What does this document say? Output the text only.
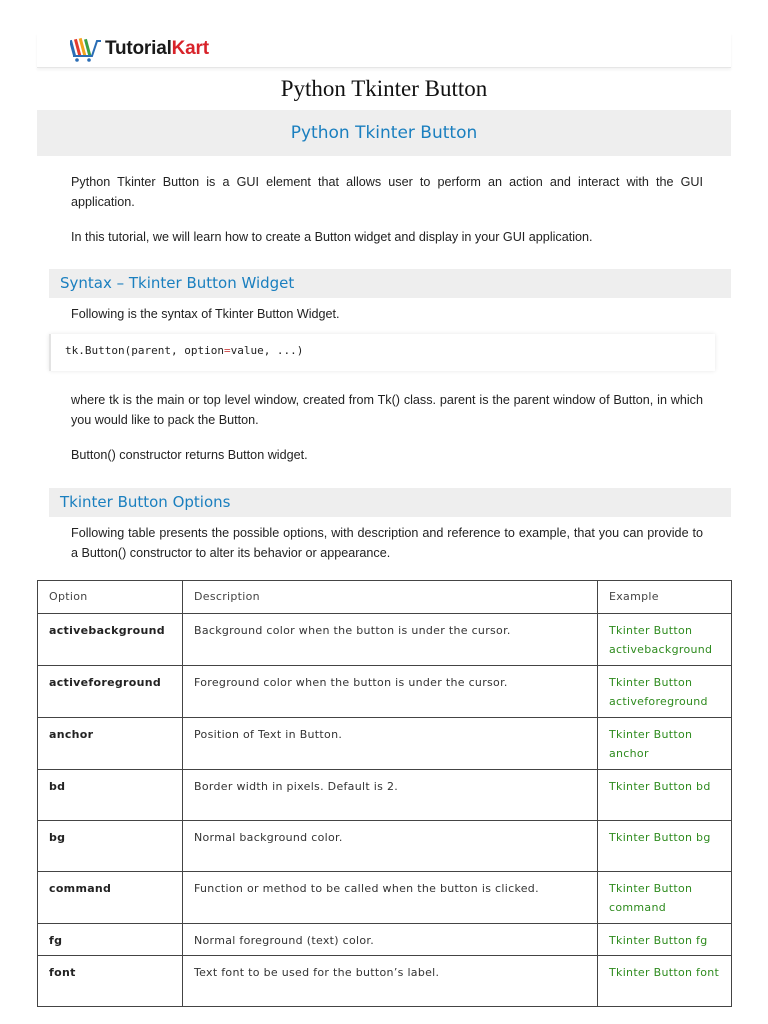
TutorialKart
Python Tkinter Button
Python Tkinter Button

Python Tkinter Button is a GUI element that allows user to perform an action and interact with the GUI application.

In this tutorial, we will learn how to create a Button widget and display in your GUI application.

Syntax – Tkinter Button Widget

Following is the syntax of Tkinter Button Widget.

tk.Button(parent, option=value, ...)

where tk is the main or top level window, created from Tk() class. parent is the parent window of Button, in which you would like to pack the Button.

Button() constructor returns Button widget.

Tkinter Button Options

Following table presents the possible options, with description and reference to example, that you can provide to a Button() constructor to alter its behavior or appearance.

Option	Description	Example
activebackground	Background color when the button is under the cursor.	Tkinter Button activebackground
activeforeground	Foreground color when the button is under the cursor.	Tkinter Button activeforeground
anchor	Position of Text in Button.	Tkinter Button anchor
bd	Border width in pixels. Default is 2.	Tkinter Button bd
bg	Normal background color.	Tkinter Button bg
command	Function or method to be called when the button is clicked.	Tkinter Button command
fg	Normal foreground (text) color.	Tkinter Button fg
font	Text font to be used for the button’s label.	Tkinter Button font
